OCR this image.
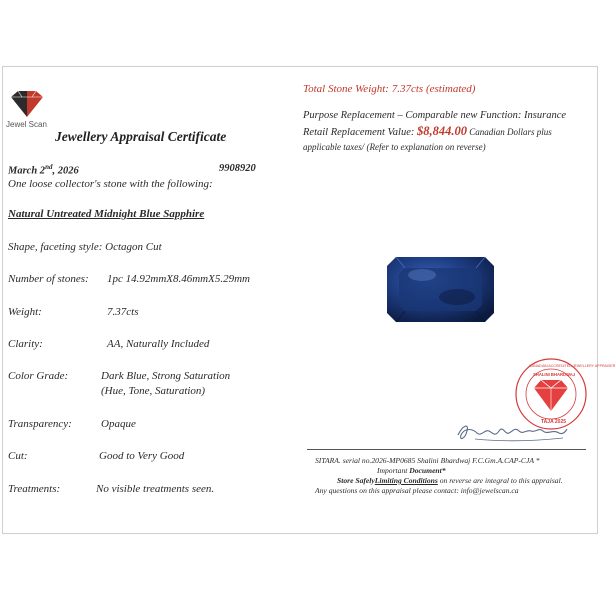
Jewel Scan
Jewellery Appraisal Certificate
March 2nd, 2026	9908920
One loose collector's stone with the following:
Natural Untreated Midnight Blue Sapphire
Shape, faceting style: Octagon Cut
Number of stones: 1pc 14.92mmX8.46mmX5.29mm
Weight:	7.37cts
Clarity:	AA, Naturally Included
Color Grade:	Dark Blue, Strong Saturation
(Hue, Tone, Saturation)
Transparency:	Opaque
Cut:	Good to Very Good
Treatments:	No visible treatments seen.
Total Stone Weight: 7.37cts (estimated)
Purpose Replacement – Comparable new Function: Insurance
Retail Replacement Value: $8,844.00 Canadian Dollars plus
applicable taxes/ (Refer to explanation on reverse)
CANADIAN ACCREDITED JEWELLERY APPRAISER
SHALINI BHARDWAJ
TAJA 2025
SITARA. serial no.2026-MP0685 Shalini Bhardwaj F.C.Gm.A.CAP-CJA *
Important Document*
Store SafelyLimiting Conditions on reverse are integral to this appraisal.
Any questions on this appraisal please contact: info@jewelscan.ca
